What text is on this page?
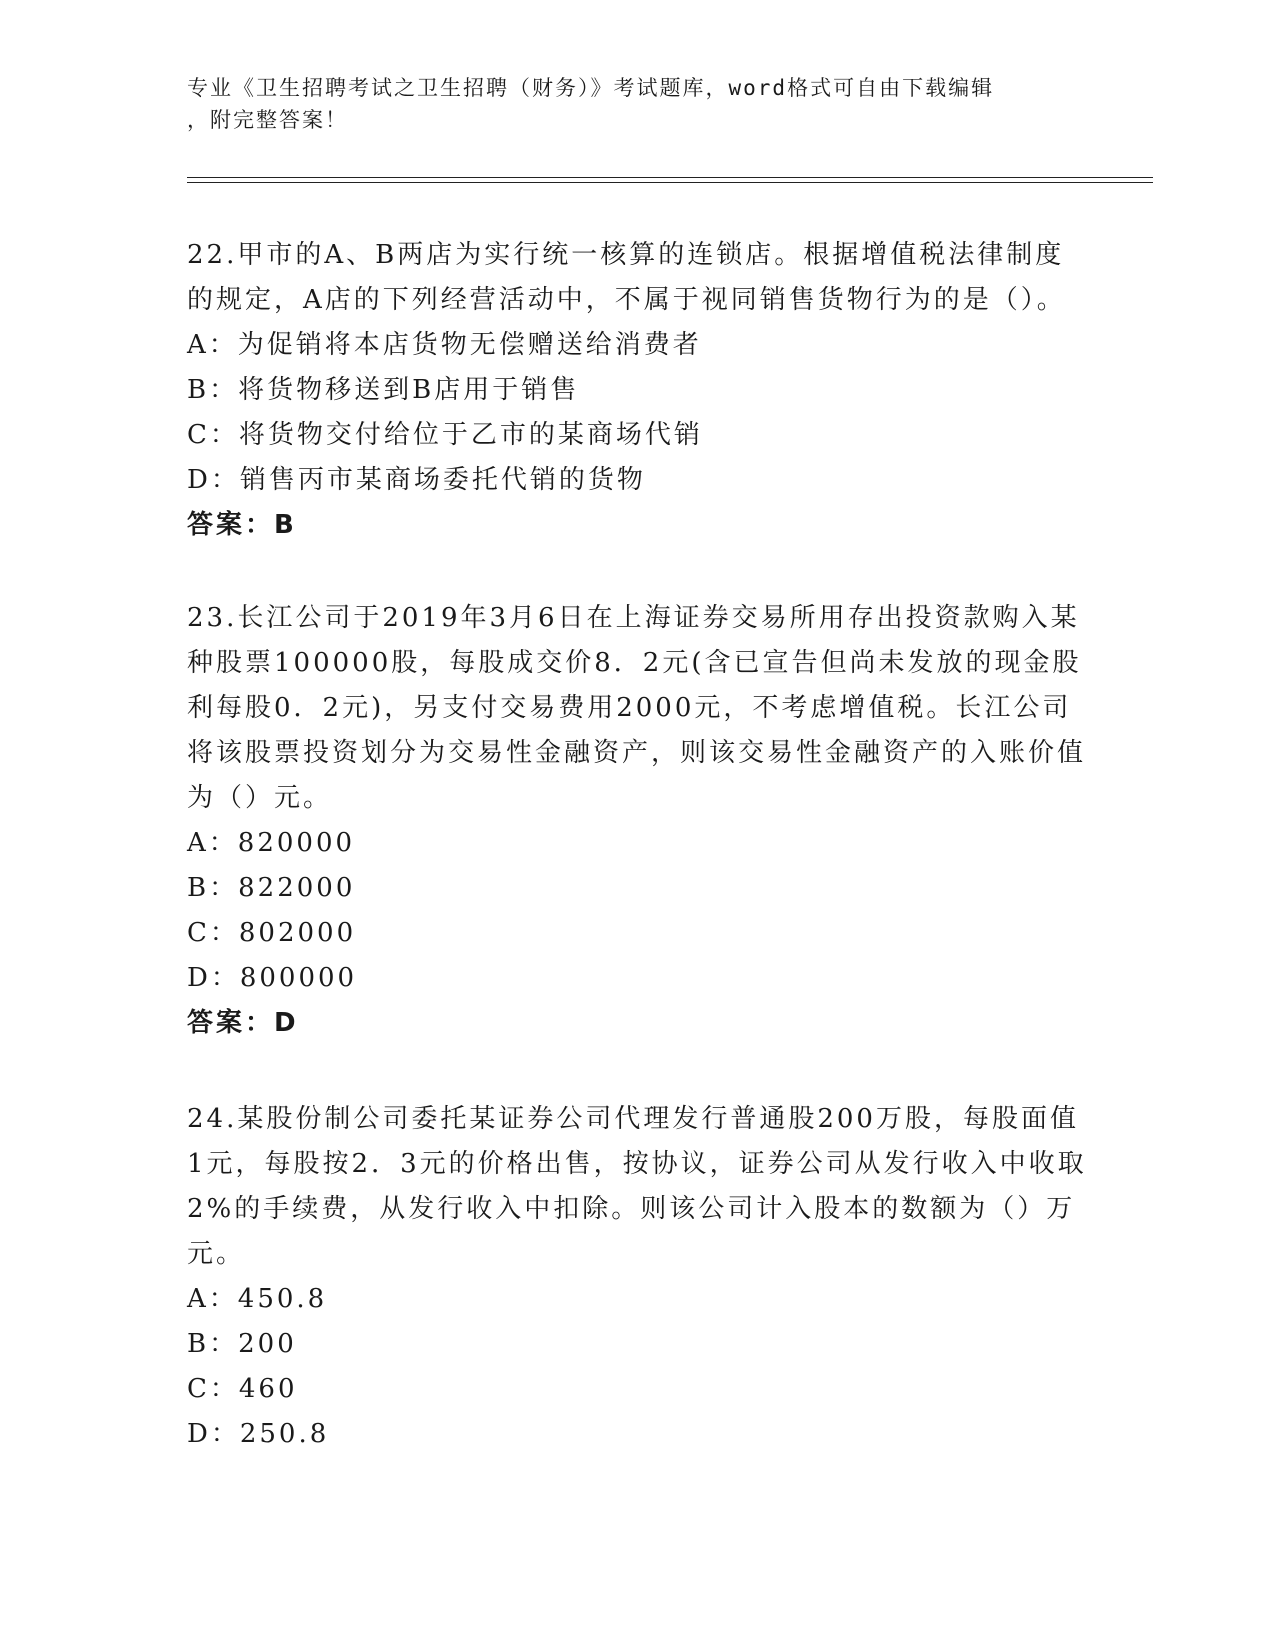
专业《卫生招聘考试之卫生招聘（财务）》考试题库，word格式可自由下载编辑
，附完整答案！

22.甲市的A、B两店为实行统一核算的连锁店。根据增值税法律制度的规定，A店的下列经营活动中，不属于视同销售货物行为的是（）。

A：为促销将本店货物无偿赠送给消费者

B：将货物移送到B店用于销售

C：将货物交付给位于乙市的某商场代销

D：销售丙市某商场委托代销的货物

答案：B

23.长江公司于2019年3月6日在上海证券交易所用存出投资款购入某种股票100000股，每股成交价8．2元(含已宣告但尚未发放的现金股利每股0．2元)，另支付交易费用2000元，不考虑增值税。长江公司将该股票投资划分为交易性金融资产，则该交易性金融资产的入账价值为（）元。

A：820000

B：822000

C：802000

D：800000

答案：D

24.某股份制公司委托某证券公司代理发行普通股200万股，每股面值1元，每股按2．3元的价格出售，按协议，证券公司从发行收入中收取2%的手续费，从发行收入中扣除。则该公司计入股本的数额为（）万元。

A：450.8

B：200

C：460

D：250.8
